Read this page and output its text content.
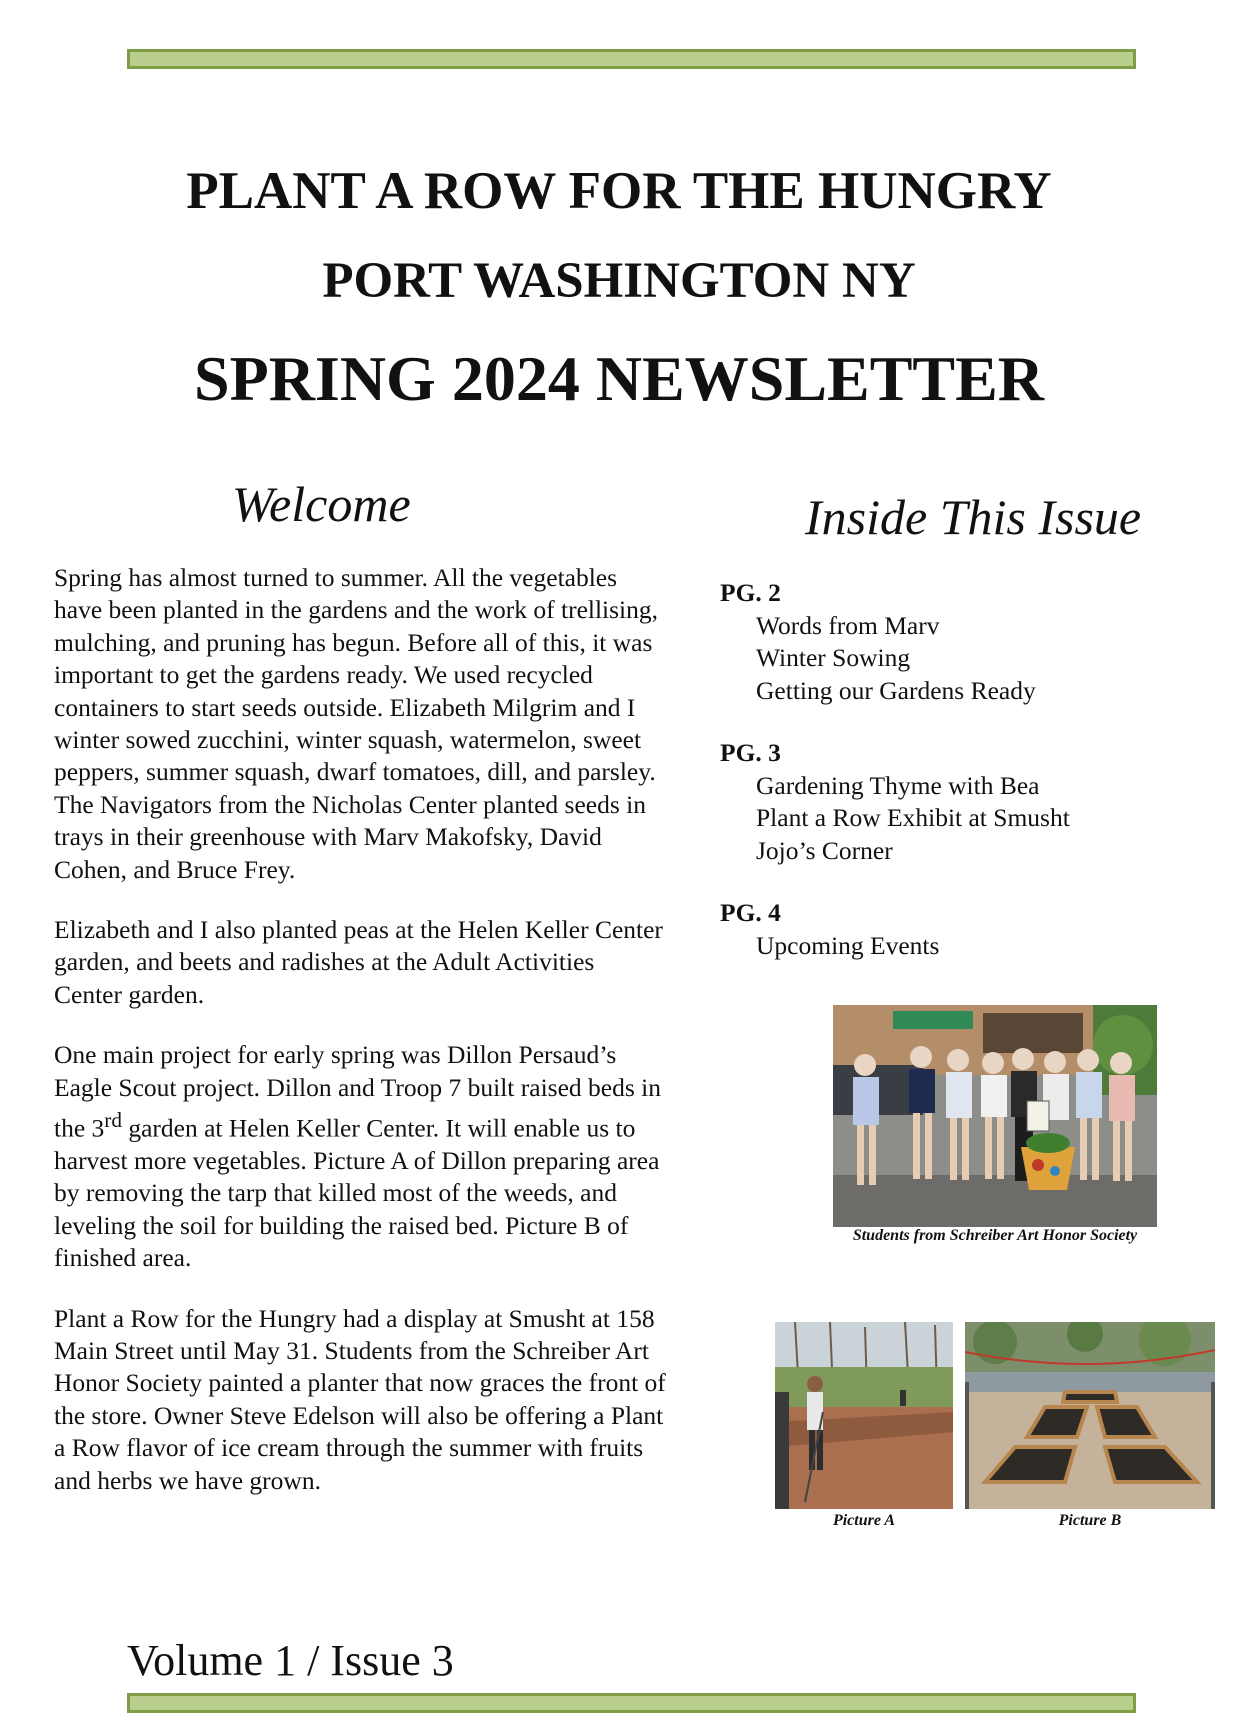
PLANT A ROW FOR THE HUNGRY
PORT WASHINGTON NY
SPRING 2024 NEWSLETTER
Welcome	Inside This Issue

Spring has almost turned to summer. All the vegetables have been planted in the gardens and the work of trellising, mulching, and pruning has begun. Before all of this, it was important to get the gardens ready. We used recycled containers to start seeds outside. Elizabeth Milgrim and I winter sowed zucchini, winter squash, watermelon, sweet peppers, summer squash, dwarf tomatoes, dill, and parsley. The Navigators from the Nicholas Center planted seeds in trays in their greenhouse with Marv Makofsky, David Cohen, and Bruce Frey.

Elizabeth and I also planted peas at the Helen Keller Center garden, and beets and radishes at the Adult Activities Center garden.

One main project for early spring was Dillon Persaud’s Eagle Scout project. Dillon and Troop 7 built raised beds in the 3rd garden at Helen Keller Center. It will enable us to harvest more vegetables. Picture A of Dillon preparing area by removing the tarp that killed most of the weeds, and leveling the soil for building the raised bed. Picture B of finished area.

Plant a Row for the Hungry had a display at Smusht at 158 Main Street until May 31. Students from the Schreiber Art Honor Society painted a planter that now graces the front of the store. Owner Steve Edelson will also be offering a Plant a Row flavor of ice cream through the summer with fruits and herbs we have grown.

PG. 2
Words from Marv
Winter Sowing
Getting our Gardens Ready
PG. 3
Gardening Thyme with Bea
Plant a Row Exhibit at Smusht
Jojo’s Corner
PG. 4
Upcoming Events
Students from Schreiber Art Honor Society
Picture A	Picture B
Volume 1 / Issue 3
